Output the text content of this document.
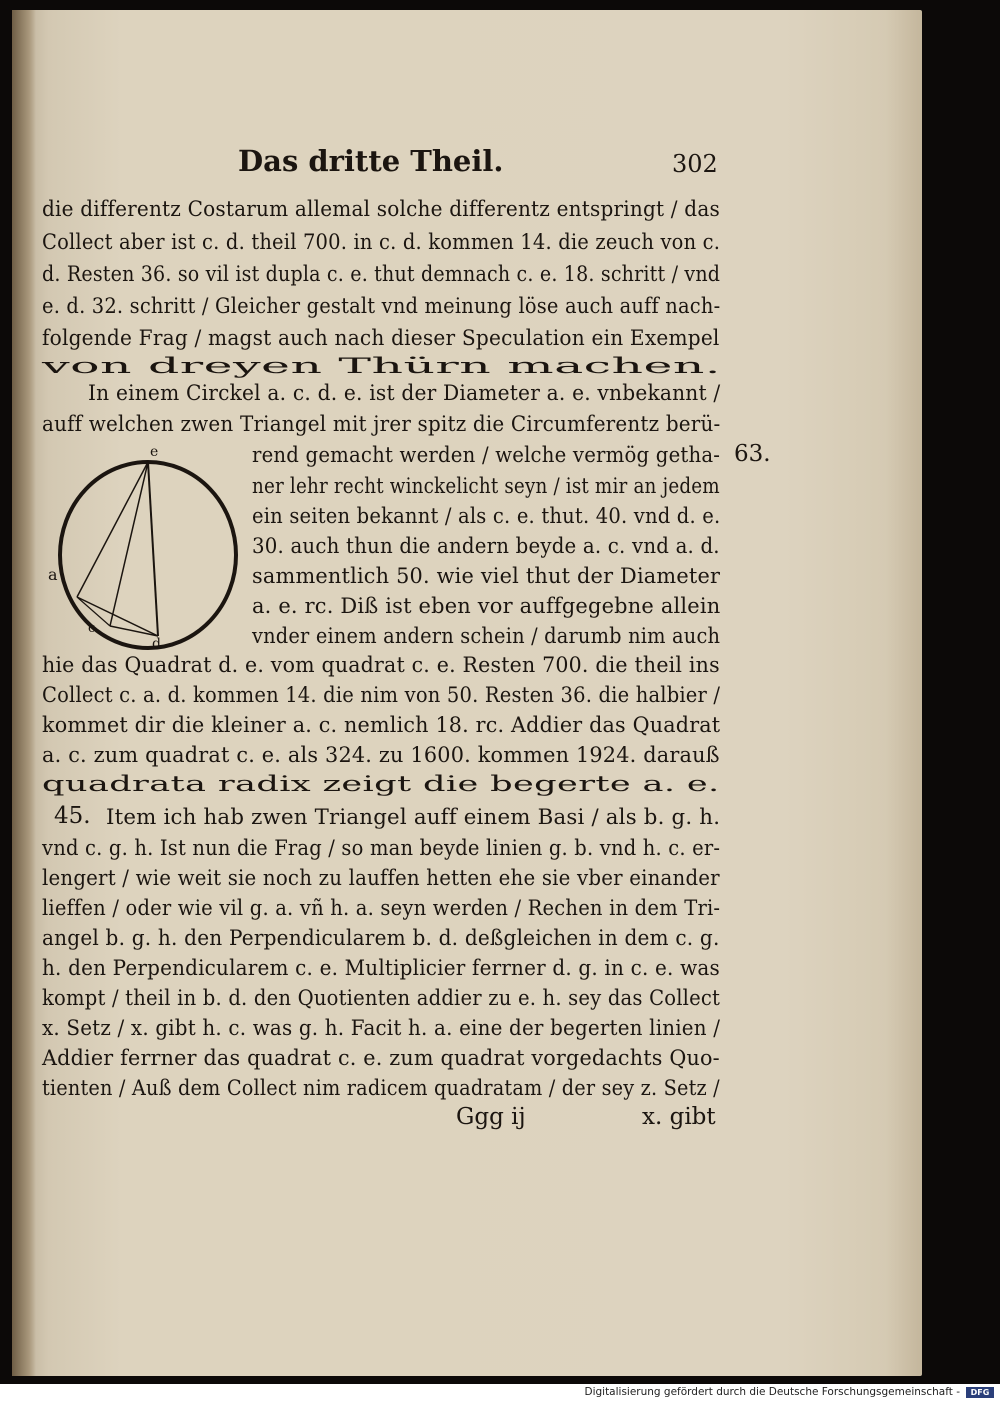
Das dritte Theil.	302
die differentz Costarum allemal solche differentz entspringt / das
Collect aber ist c. d. theil 700. in c. d. kommen 14. die zeuch von c.
d. Resten 36. so vil ist dupla c. e. thut demnach c. e. 18. schritt / vnd
e. d. 32. schritt / Gleicher gestalt vnd meinung löse auch auff nach-
folgende Frag / magst auch nach dieser Speculation ein Exempel
von dreyen Thürn machen.
In einem Circkel a. c. d. e. ist der Diameter a. e. vnbekannt /
auff welchen zwen Triangel mit jrer spitz die Circumferentz berü-
rend gemacht werden / welche vermög getha-
ner lehr recht winckelicht seyn / ist mir an jedem
ein seiten bekannt / als c. e. thut. 40. vnd d. e.
30. auch thun die andern beyde a. c. vnd a. d.
sammentlich 50. wie viel thut der Diameter
a. e. rc. Diß ist eben vor auffgegebne allein
vnder einem andern schein / darumb nim auch
hie das Quadrat d. e. vom quadrat c. e. Resten 700. die theil ins
Collect c. a. d. kommen 14. die nim von 50. Resten 36. die halbier /
kommet dir die kleiner a. c. nemlich 18. rc. Addier das Quadrat
a. c. zum quadrat c. e. als 324. zu 1600. kommen 1924. darauß
quadrata radix zeigt die begerte a. e.
Item ich hab zwen Triangel auff einem Basi / als b. g. h.
vnd c. g. h. Ist nun die Frag / so man beyde linien g. b. vnd h. c. er-
lengert / wie weit sie noch zu lauffen hetten ehe sie vber einander
lieffen / oder wie vil g. a. vñ h. a. seyn werden / Rechen in dem Tri-
angel b. g. h. den Perpendicularem b. d. deßgleichen in dem c. g.
h. den Perpendicularem c. e. Multiplicier ferrner d. g. in c. e. was
kompt / theil in b. d. den Quotienten addier zu e. h. sey das Collect
x. Setz / x. gibt h. c. was g. h. Facit h. a. eine der begerten linien /
Addier ferrner das quadrat c. e. zum quadrat vorgedachts Quo-
tienten / Auß dem Collect nim radicem quadratam / der sey z. Setz /
63.
45.
Ggg ij	x. gibt
e
a
c
d
Digitalisierung gefördert durch die Deutsche Forschungsgemeinschaft -	DFG
